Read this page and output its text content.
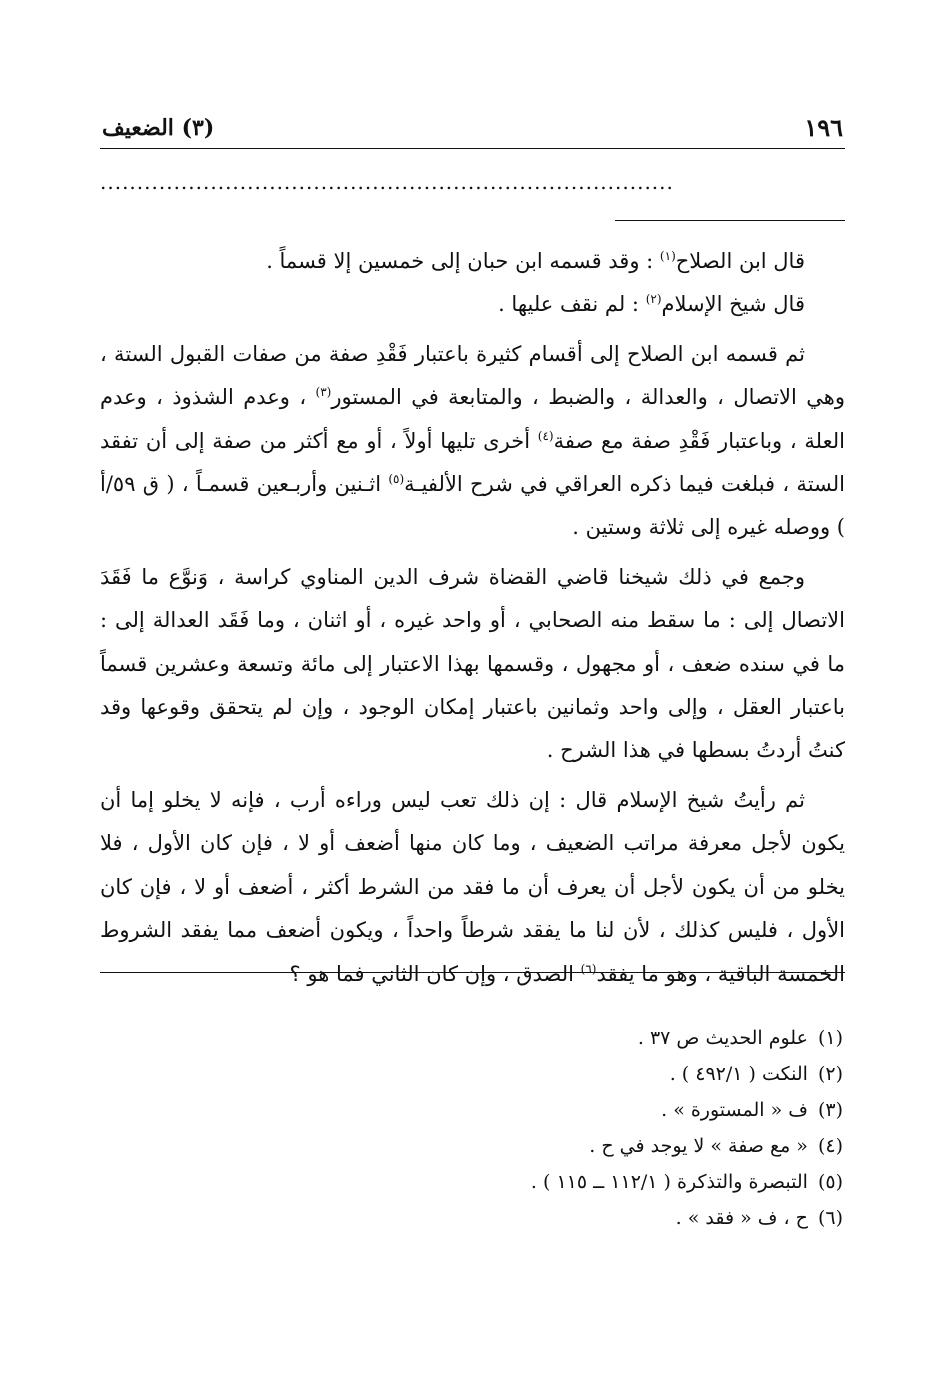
١٩٦
(٣) الضعيف
..............................................................................

قال ابن الصلاح$^{(١)}$ : وقد قسمه ابن حبان إلى خمسين إلا قسماً .

قال شيخ الإسلام$^{(٢)}$ : لم نقف عليها .

ثم قسمه ابن الصلاح إلى أقسام كثيرة باعتبار فَقْدِ صفة من صفات القبول الستة ، وهي الاتصال ، والعدالة ، والضبط ، والمتابعة في المستور$^{(٣)}$ ، وعدم الشذوذ ، وعدم العلة ، وباعتبار فَقْدِ صفة مع صفة$^{(٤)}$ أخرى تليها أولاً ، أو مع أكثر من صفة إلى أن تفقد الستة ، فبلغت فيما ذكره العراقي في شرح الألفيـة$^{(٥)}$ اثـنين وأربـعين قسمـاً ، ( ق ٥٩/أ ) ووصله غيره إلى ثلاثة وستين .

وجمع في ذلك شيخنا قاضي القضاة شرف الدين المناوي كراسة ، وَنوَّع ما فَقَدَ الاتصال إلى : ما سقط منه الصحابي ، أو واحد غيره ، أو اثنان ، وما فَقَد العدالة إلى : ما في سنده ضعف ، أو مجهول ، وقسمها بهذا الاعتبار إلى مائة وتسعة وعشرين قسماً باعتبار العقل ، وإلى واحد وثمانين باعتبار إمكان الوجود ، وإن لم يتحقق وقوعها وقد كنتُ أردتُ بسطها في هذا الشرح .

ثم رأيتُ شيخ الإسلام قال : إن ذلك تعب ليس وراءه أرب ، فإنه لا يخلو إما أن يكون لأجل معرفة مراتب الضعيف ، وما كان منها أضعف أو لا ، فإن كان الأول ، فلا يخلو من أن يكون لأجل أن يعرف أن ما فقد من الشرط أكثر ، أضعف أو لا ، فإن كان الأول ، فليس كذلك ، لأن لنا ما يفقد شرطاً واحداً ، ويكون أضعف مما يفقد الشروط الخمسة الباقية ، وهو ما يفقد$^{(٦)}$ الصدق ، وإن كان الثاني فما هو ؟

(١)علوم الحديث ص ٣٧ .
(٢)النكت ( ٤٩٢/١ ) .
(٣)ف « المستورة » .
(٤)« مع صفة » لا يوجد في ح .
(٥)التبصرة والتذكرة ( ١١٢/١ ــ ١١٥ ) .
(٦)ح ، ف « فقد » .
